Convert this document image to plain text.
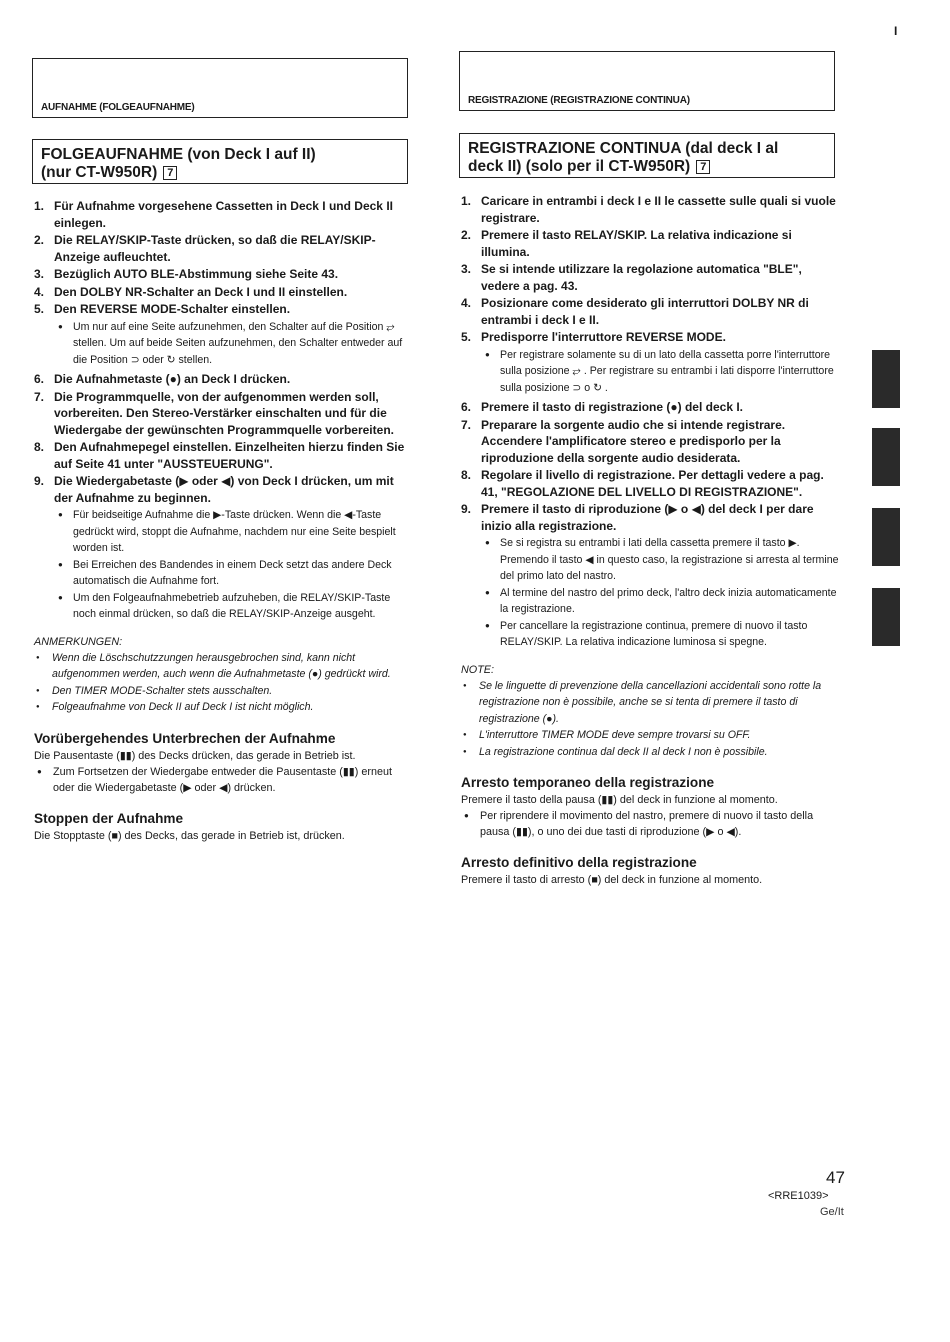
I
AUFNAHME (FOLGEAUFNAHME)
FOLGEAUFNAHME (von Deck I auf II)
(nur CT-W950R) 7
1. Für Aufnahme vorgesehene Cassetten in Deck I und Deck II einlegen.
2. Die RELAY/SKIP-Taste drücken, so daß die RELAY/SKIP-Anzeige aufleuchtet.
3. Bezüglich AUTO BLE-Abstimmung siehe Seite 43.
4. Den DOLBY NR-Schalter an Deck I und II einstellen.
5. Den REVERSE MODE-Schalter einstellen.
● Um nur auf eine Seite aufzunehmen, den Schalter auf die Position ⥂ stellen. Um auf beide Seiten aufzunehmen, den Schalter entweder auf die Position ⊃ oder ↻ stellen.
6. Die Aufnahmetaste (●) an Deck I drücken.
7. Die Programmquelle, von der aufgenommen werden soll, vorbereiten. Den Stereo-Verstärker einschalten und für die Wiedergabe der gewünschten Programmquelle vorbereiten.
8. Den Aufnahmepegel einstellen. Einzelheiten hierzu finden Sie auf Seite 41 unter "AUSSTEUERUNG".
9. Die Wiedergabetaste (▶ oder ◀) von Deck I drücken, um mit der Aufnahme zu beginnen.
● Für beidseitige Aufnahme die ▶-Taste drücken. Wenn die ◀-Taste gedrückt wird, stoppt die Aufnahme, nachdem nur eine Seite bespielt worden ist.
● Bei Erreichen des Bandendes in einem Deck setzt das andere Deck automatisch die Aufnahme fort.
● Um den Folgeaufnahmebetrieb aufzuheben, die RELAY/SKIP-Taste noch einmal drücken, so daß die RELAY/SKIP-Anzeige ausgeht.
ANMERKUNGEN:
● Wenn die Löschschutzzungen herausgebrochen sind, kann nicht aufgenommen werden, auch wenn die Aufnahmetaste (●) gedrückt wird.
● Den TIMER MODE-Schalter stets ausschalten.
● Folgeaufnahme von Deck II auf Deck I ist nicht möglich.
Vorübergehendes Unterbrechen der Aufnahme
Die Pausentaste (▮▮) des Decks drücken, das gerade in Betrieb ist.
● Zum Fortsetzen der Wiedergabe entweder die Pausentaste (▮▮) erneut oder die Wiedergabetaste (▶ oder ◀) drücken.
Stoppen der Aufnahme
Die Stopptaste (■) des Decks, das gerade in Betrieb ist, drücken.
REGISTRAZIONE (REGISTRAZIONE CONTINUA)
REGISTRAZIONE CONTINUA (dal deck I al
deck II) (solo per il CT-W950R) 7
1. Caricare in entrambi i deck I e II le cassette sulle quali si vuole registrare.
2. Premere il tasto RELAY/SKIP. La relativa indicazione si illumina.
3. Se si intende utilizzare la regolazione automatica "BLE", vedere a pag. 43.
4. Posizionare come desiderato gli interruttori DOLBY NR di entrambi i deck I e II.
5. Predisporre l'interruttore REVERSE MODE.
● Per registrare solamente su di un lato della cassetta porre l'interruttore sulla posizione ⥂ . Per registrare su entrambi i lati disporre l'interruttore sulla posizione ⊃ o ↻ .
6. Premere il tasto di registrazione (●) del deck I.
7. Preparare la sorgente audio che si intende registrare. Accendere l'amplificatore stereo e predisporlo per la riproduzione della sorgente audio desiderata.
8. Regolare il livello di registrazione. Per dettagli vedere a pag. 41, "REGOLAZIONE DEL LIVELLO DI REGISTRAZIONE".
9. Premere il tasto di riproduzione (▶ o ◀) del deck I per dare inizio alla registrazione.
● Se si registra su entrambi i lati della cassetta premere il tasto ▶. Premendo il tasto ◀ in questo caso, la registrazione si arresta al termine del primo lato del nastro.
● Al termine del nastro del primo deck, l'altro deck inizia automaticamente la registrazione.
● Per cancellare la registrazione continua, premere di nuovo il tasto RELAY/SKIP. La relativa indicazione luminosa si spegne.
NOTE:
● Se le linguette di prevenzione della cancellazioni accidentali sono rotte la registrazione non è possibile, anche se si tenta di premere il tasto di registrazione (●).
● L'interruttore TIMER MODE deve sempre trovarsi su OFF.
● La registrazione continua dal deck II al deck I non è possibile.
Arresto temporaneo della registrazione
Premere il tasto della pausa (▮▮) del deck in funzione al momento.
● Per riprendere il movimento del nastro, premere di nuovo il tasto della pausa (▮▮), o uno dei due tasti di riproduzione (▶ o ◀).
Arresto definitivo della registrazione
Premere il tasto di arresto (■) del deck in funzione al momento.
47
<RRE1039>
Ge/It
